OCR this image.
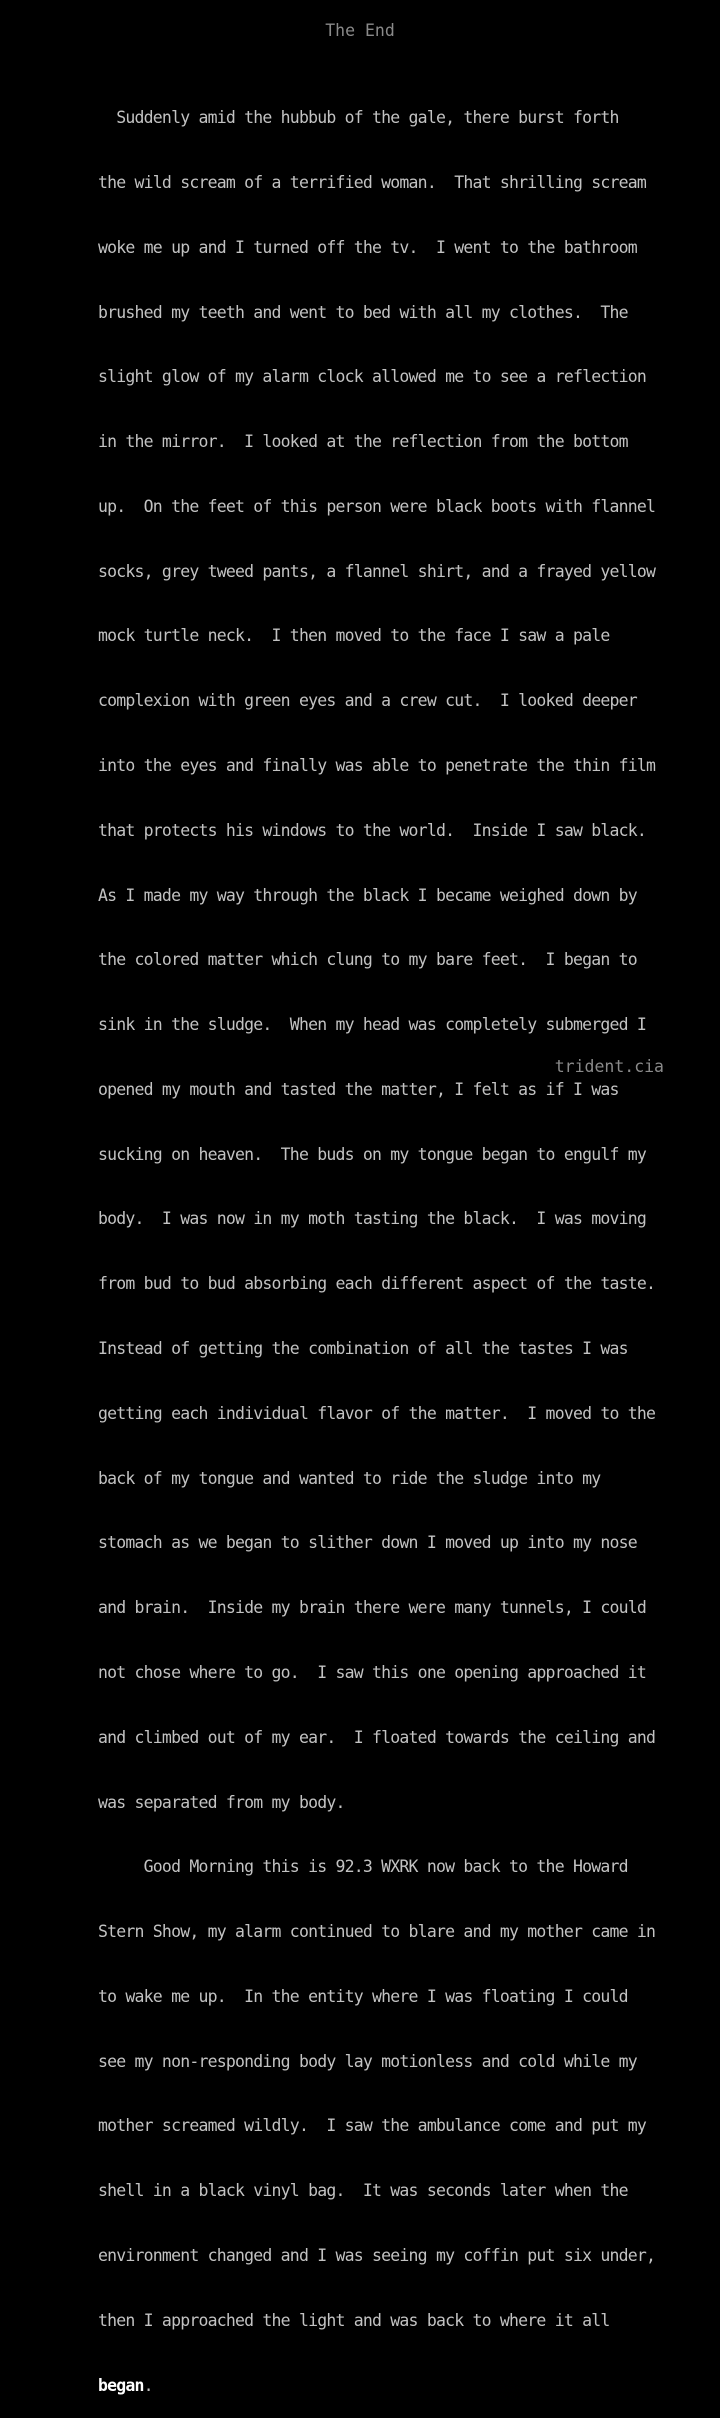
The End

Suddenly amid the hubbub of the gale, there burst forth

the wild scream of a terrified woman.  That shrilling scream

woke me up and I turned off the tv.  I went to the bathroom

brushed my teeth and went to bed with all my clothes.  The

slight glow of my alarm clock allowed me to see a reflection

in the mirror.  I looked at the reflection from the bottom

up.  On the feet of this person were black boots with flannel

socks, grey tweed pants, a flannel shirt, and a frayed yellow

mock turtle neck.  I then moved to the face I saw a pale

complexion with green eyes and a crew cut.  I looked deeper

into the eyes and finally was able to penetrate the thin film

that protects his windows to the world.  Inside I saw black.

As I made my way through the black I became weighed down by

the colored matter which clung to my bare feet.  I began to

sink in the sludge.  When my head was completely submerged I

opened my mouth and tasted the matter, I felt as if I was

sucking on heaven.  The buds on my tongue began to engulf my

body.  I was now in my moth tasting the black.  I was moving

from bud to bud absorbing each different aspect of the taste.

Instead of getting the combination of all the tastes I was

getting each individual flavor of the matter.  I moved to the

back of my tongue and wanted to ride the sludge into my

stomach as we began to slither down I moved up into my nose

and brain.  Inside my brain there were many tunnels, I could

not chose where to go.  I saw this one opening approached it

and climbed out of my ear.  I floated towards the ceiling and

was separated from my body.

Good Morning this is 92.3 WXRK now back to the Howard

Stern Show, my alarm continued to blare and my mother came in

to wake me up.  In the entity where I was floating I could

see my non-responding body lay motionless and cold while my

mother screamed wildly.  I saw the ambulance come and put my

shell in a black vinyl bag.  It was seconds later when the

environment changed and I was seeing my coffin put six under,

then I approached the light and was back to where it all

began.

trident.cia
